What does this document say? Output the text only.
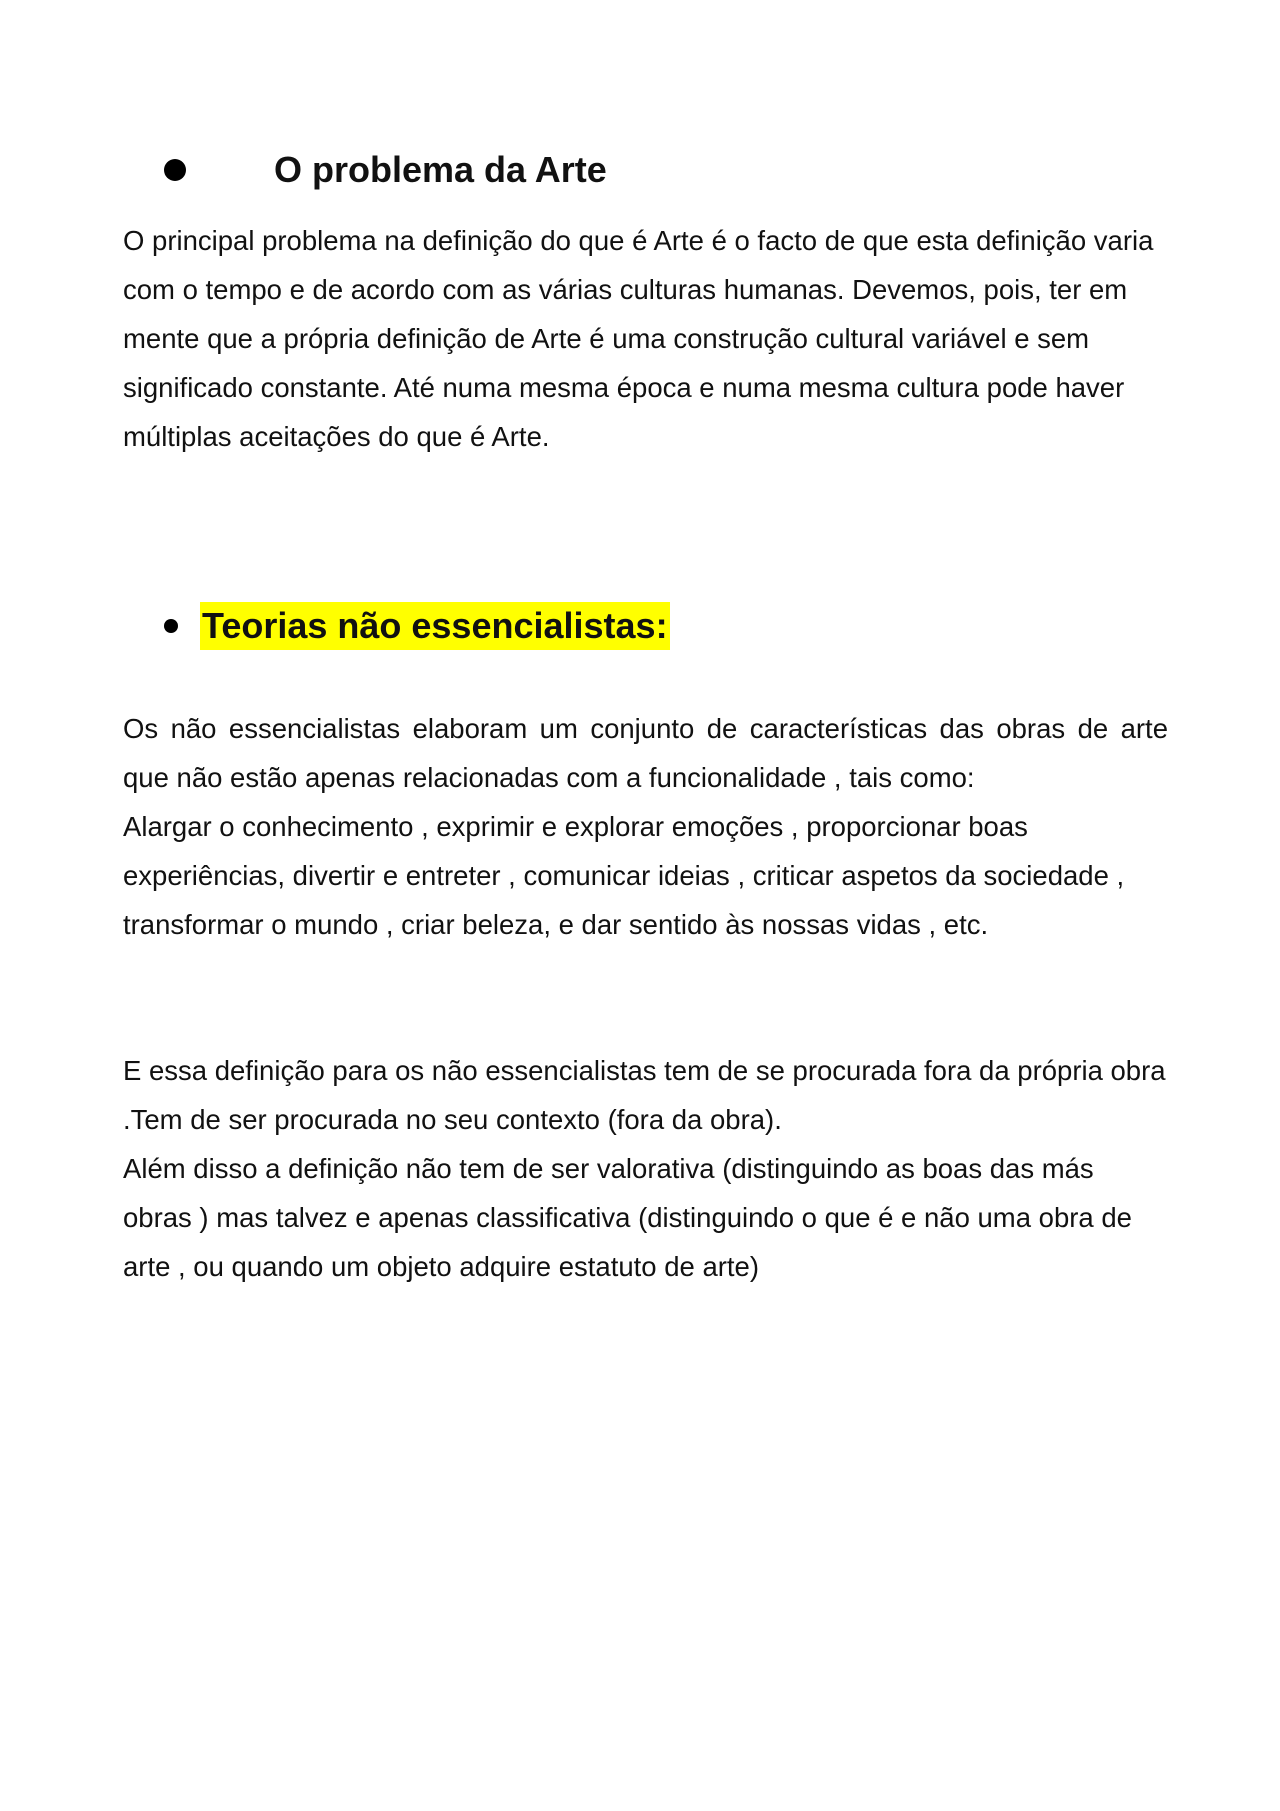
O problema da Arte

O principal problema na definição do que é Arte é o facto de que esta definição varia com o tempo e de acordo com as várias culturas humanas. Devemos, pois, ter em mente que a própria definição de Arte é uma construção cultural variável e sem significado constante. Até numa mesma época e numa mesma cultura pode haver múltiplas aceitações do que é Arte.

Teorias não essencialistas:

Os não essencialistas elaboram um conjunto de características das obras de arte que não estão apenas relacionadas com a funcionalidade , tais como:

Alargar o conhecimento , exprimir e explorar emoções , proporcionar boas experiências, divertir e entreter , comunicar ideias , criticar aspetos da sociedade , transformar o mundo , criar beleza, e dar sentido às nossas vidas , etc.

E essa definição para os não essencialistas tem de se procurada fora da própria obra .Tem de ser procurada no seu contexto (fora da obra).

Além disso a definição não tem de ser valorativa (distinguindo as boas das más obras ) mas talvez e apenas classificativa (distinguindo o que é e não uma obra de arte , ou quando um objeto adquire estatuto de arte)
